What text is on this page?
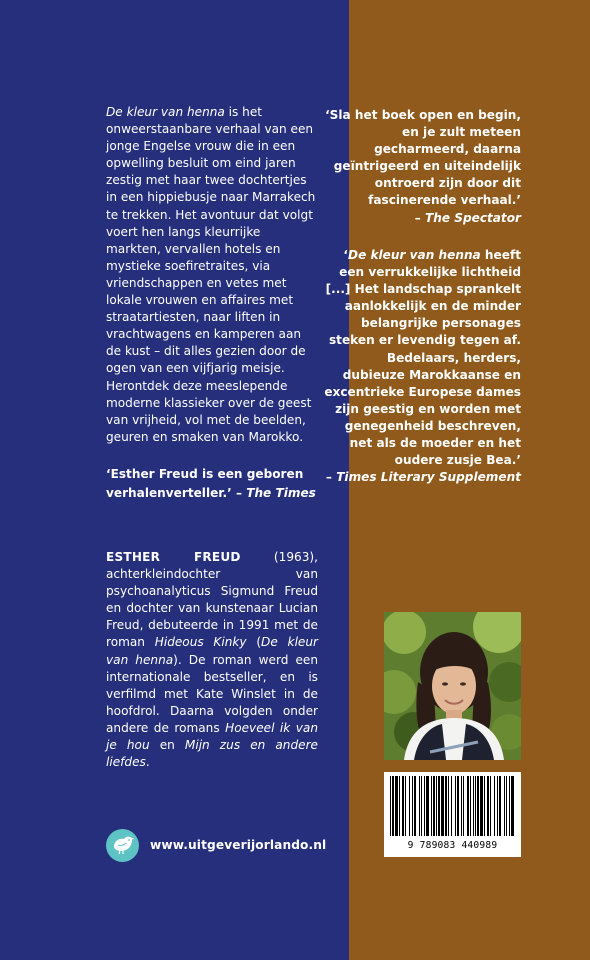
De kleur van henna is het onweerstaanbare verhaal van een jonge Engelse vrouw die in een opwelling besluit om eind jaren zestig met haar twee dochtertjes in een hippiebusje naar Marrakech te trekken. Het avontuur dat volgt voert hen langs kleurrijke markten, vervallen hotels en mystieke soefiretraites, via vriendschappen en vetes met lokale vrouwen en affaires met straatartiesten, naar liften in vrachtwagens en kamperen aan de kust – dit alles gezien door de ogen van een vijfjarig meisje.

Herontdek deze meeslepende moderne klassieker over de geest van vrijheid, vol met de beelden, geuren en smaken van Marokko.

‘Esther Freud is een geboren verhalenverteller.’ – The Times
ESTHER FREUD (1963), achterkleindochter van psychoanalyticus Sigmund Freud en dochter van kunstenaar Lucian Freud, debuteerde in 1991 met de roman Hideous Kinky (De kleur van henna). De roman werd een internationale bestseller, en is verfilmd met Kate Winslet in de hoofdrol. Daarna volgden onder andere de romans Hoeveel ik van je hou en Mijn zus en andere liefdes.
www.uitgeverijorlando.nl
‘Sla het boek open en begin, en je zult meteen gecharmeerd, daarna geïntrigeerd en uiteindelijk ontroerd zijn door dit fascinerende verhaal.’
– The Spectator
‘De kleur van henna heeft een verrukkelijke lichtheid [...] Het landschap sprankelt aanlokkelijk en de minder belangrijke personages steken er levendig tegen af. Bedelaars, herders, dubieuze Marokkaanse en excentrieke Europese dames zijn geestig en worden met genegenheid beschreven, net als de moeder en het oudere zusje Bea.’
– Times Literary Supplement
9 789083 440989
